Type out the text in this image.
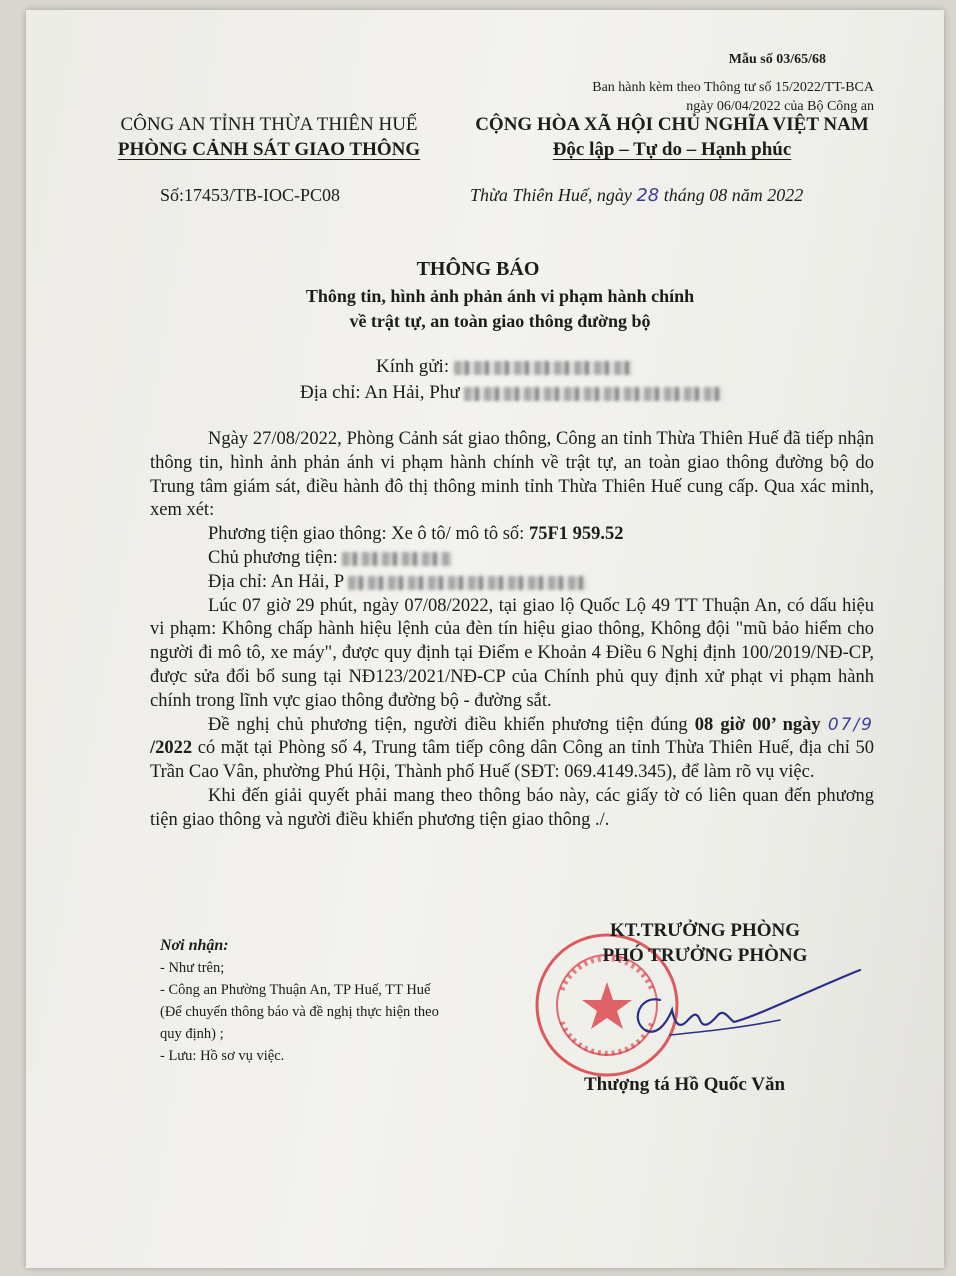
Mẫu số 03/65/68
Ban hành kèm theo Thông tư số 15/2022/TT-BCA
ngày 06/04/2022 của Bộ Công an
CÔNG AN TỈNH THỪA THIÊN HUẾ
PHÒNG CẢNH SÁT GIAO THÔNG
CỘNG HÒA XÃ HỘI CHỦ NGHĨA VIỆT NAM
Độc lập – Tự do – Hạnh phúc
Số:17453/TB-IOC-PC08	Thừa Thiên Huế, ngày 28 tháng 08 năm 2022
THÔNG BÁO
Thông tin, hình ảnh phản ánh vi phạm hành chính
về trật tự, an toàn giao thông đường bộ
Kính gửi:
Địa chỉ: An Hải, Phư

Ngày 27/08/2022, Phòng Cảnh sát giao thông, Công an tỉnh Thừa Thiên Huế đã tiếp nhận thông tin, hình ảnh phản ánh vi phạm hành chính về trật tự, an toàn giao thông đường bộ do Trung tâm giám sát, điều hành đô thị thông minh tỉnh Thừa Thiên Huế cung cấp. Qua xác minh, xem xét:

Phương tiện giao thông: Xe ô tô/ mô tô số: 75F1 959.52

Chủ phương tiện:

Địa chỉ: An Hải, P

Lúc 07 giờ 29 phút, ngày 07/08/2022, tại giao lộ Quốc Lộ 49 TT Thuận An, có dấu hiệu vi phạm: Không chấp hành hiệu lệnh của đèn tín hiệu giao thông, Không đội "mũ bảo hiểm cho người đi mô tô, xe máy", được quy định tại Điểm e Khoản 4 Điều 6 Nghị định 100/2019/NĐ-CP, được sửa đổi bổ sung tại NĐ123/2021/NĐ-CP của Chính phủ quy định xử phạt vi phạm hành chính trong lĩnh vực giao thông đường bộ - đường sắt.

Đề nghị chủ phương tiện, người điều khiển phương tiện đúng 08 giờ 00’ ngày 07/9 /2022 có mặt tại Phòng số 4, Trung tâm tiếp công dân Công an tỉnh Thừa Thiên Huế, địa chỉ 50 Trần Cao Vân, phường Phú Hội, Thành phố Huế (SĐT: 069.4149.345), để làm rõ vụ việc.

Khi đến giải quyết phải mang theo thông báo này, các giấy tờ có liên quan đến phương tiện giao thông và người điều khiển phương tiện giao thông ./.

Nơi nhận:
- Như trên;
- Công an Phường Thuận An, TP Huế, TT Huế
(Để chuyển thông báo và đề nghị thực hiện theo
quy định) ;
- Lưu: Hồ sơ vụ việc.
KT.TRƯỞNG PHÒNG
PHÓ TRƯỞNG PHÒNG
Thượng tá Hồ Quốc Văn
